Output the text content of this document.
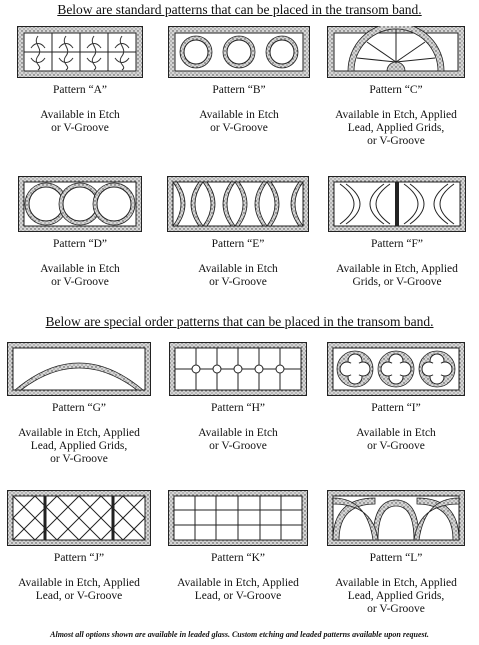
Below are standard patterns that can be placed in the transom band.
Pattern “A”
Available in Etch
or V-Groove
Pattern “B”
Available in Etch
or V-Groove
Pattern “C”
Available in Etch, Applied
Lead, Applied Grids,
or V-Groove
Pattern “D”
Available in Etch
or V-Groove
Pattern “E”
Available in Etch
or V-Groove
Pattern “F”
Available in Etch, Applied
Grids, or V-Groove
Below are special order patterns that can be placed in the transom band.
Pattern “G”
Available in Etch, Applied
Lead, Applied Grids,
or V-Groove
Pattern “H”
Available in Etch
or V-Groove
Pattern “I”
Available in Etch
or V-Groove
Pattern “J”
Available in Etch, Applied
Lead, or V-Groove
Pattern “K”
Available in Etch, Applied
Lead, or V-Groove
Pattern “L”
Available in Etch, Applied
Lead, Applied Grids,
or V-Groove
Almost all options shown are available in leaded glass. Custom etching and leaded patterns available upon request.
